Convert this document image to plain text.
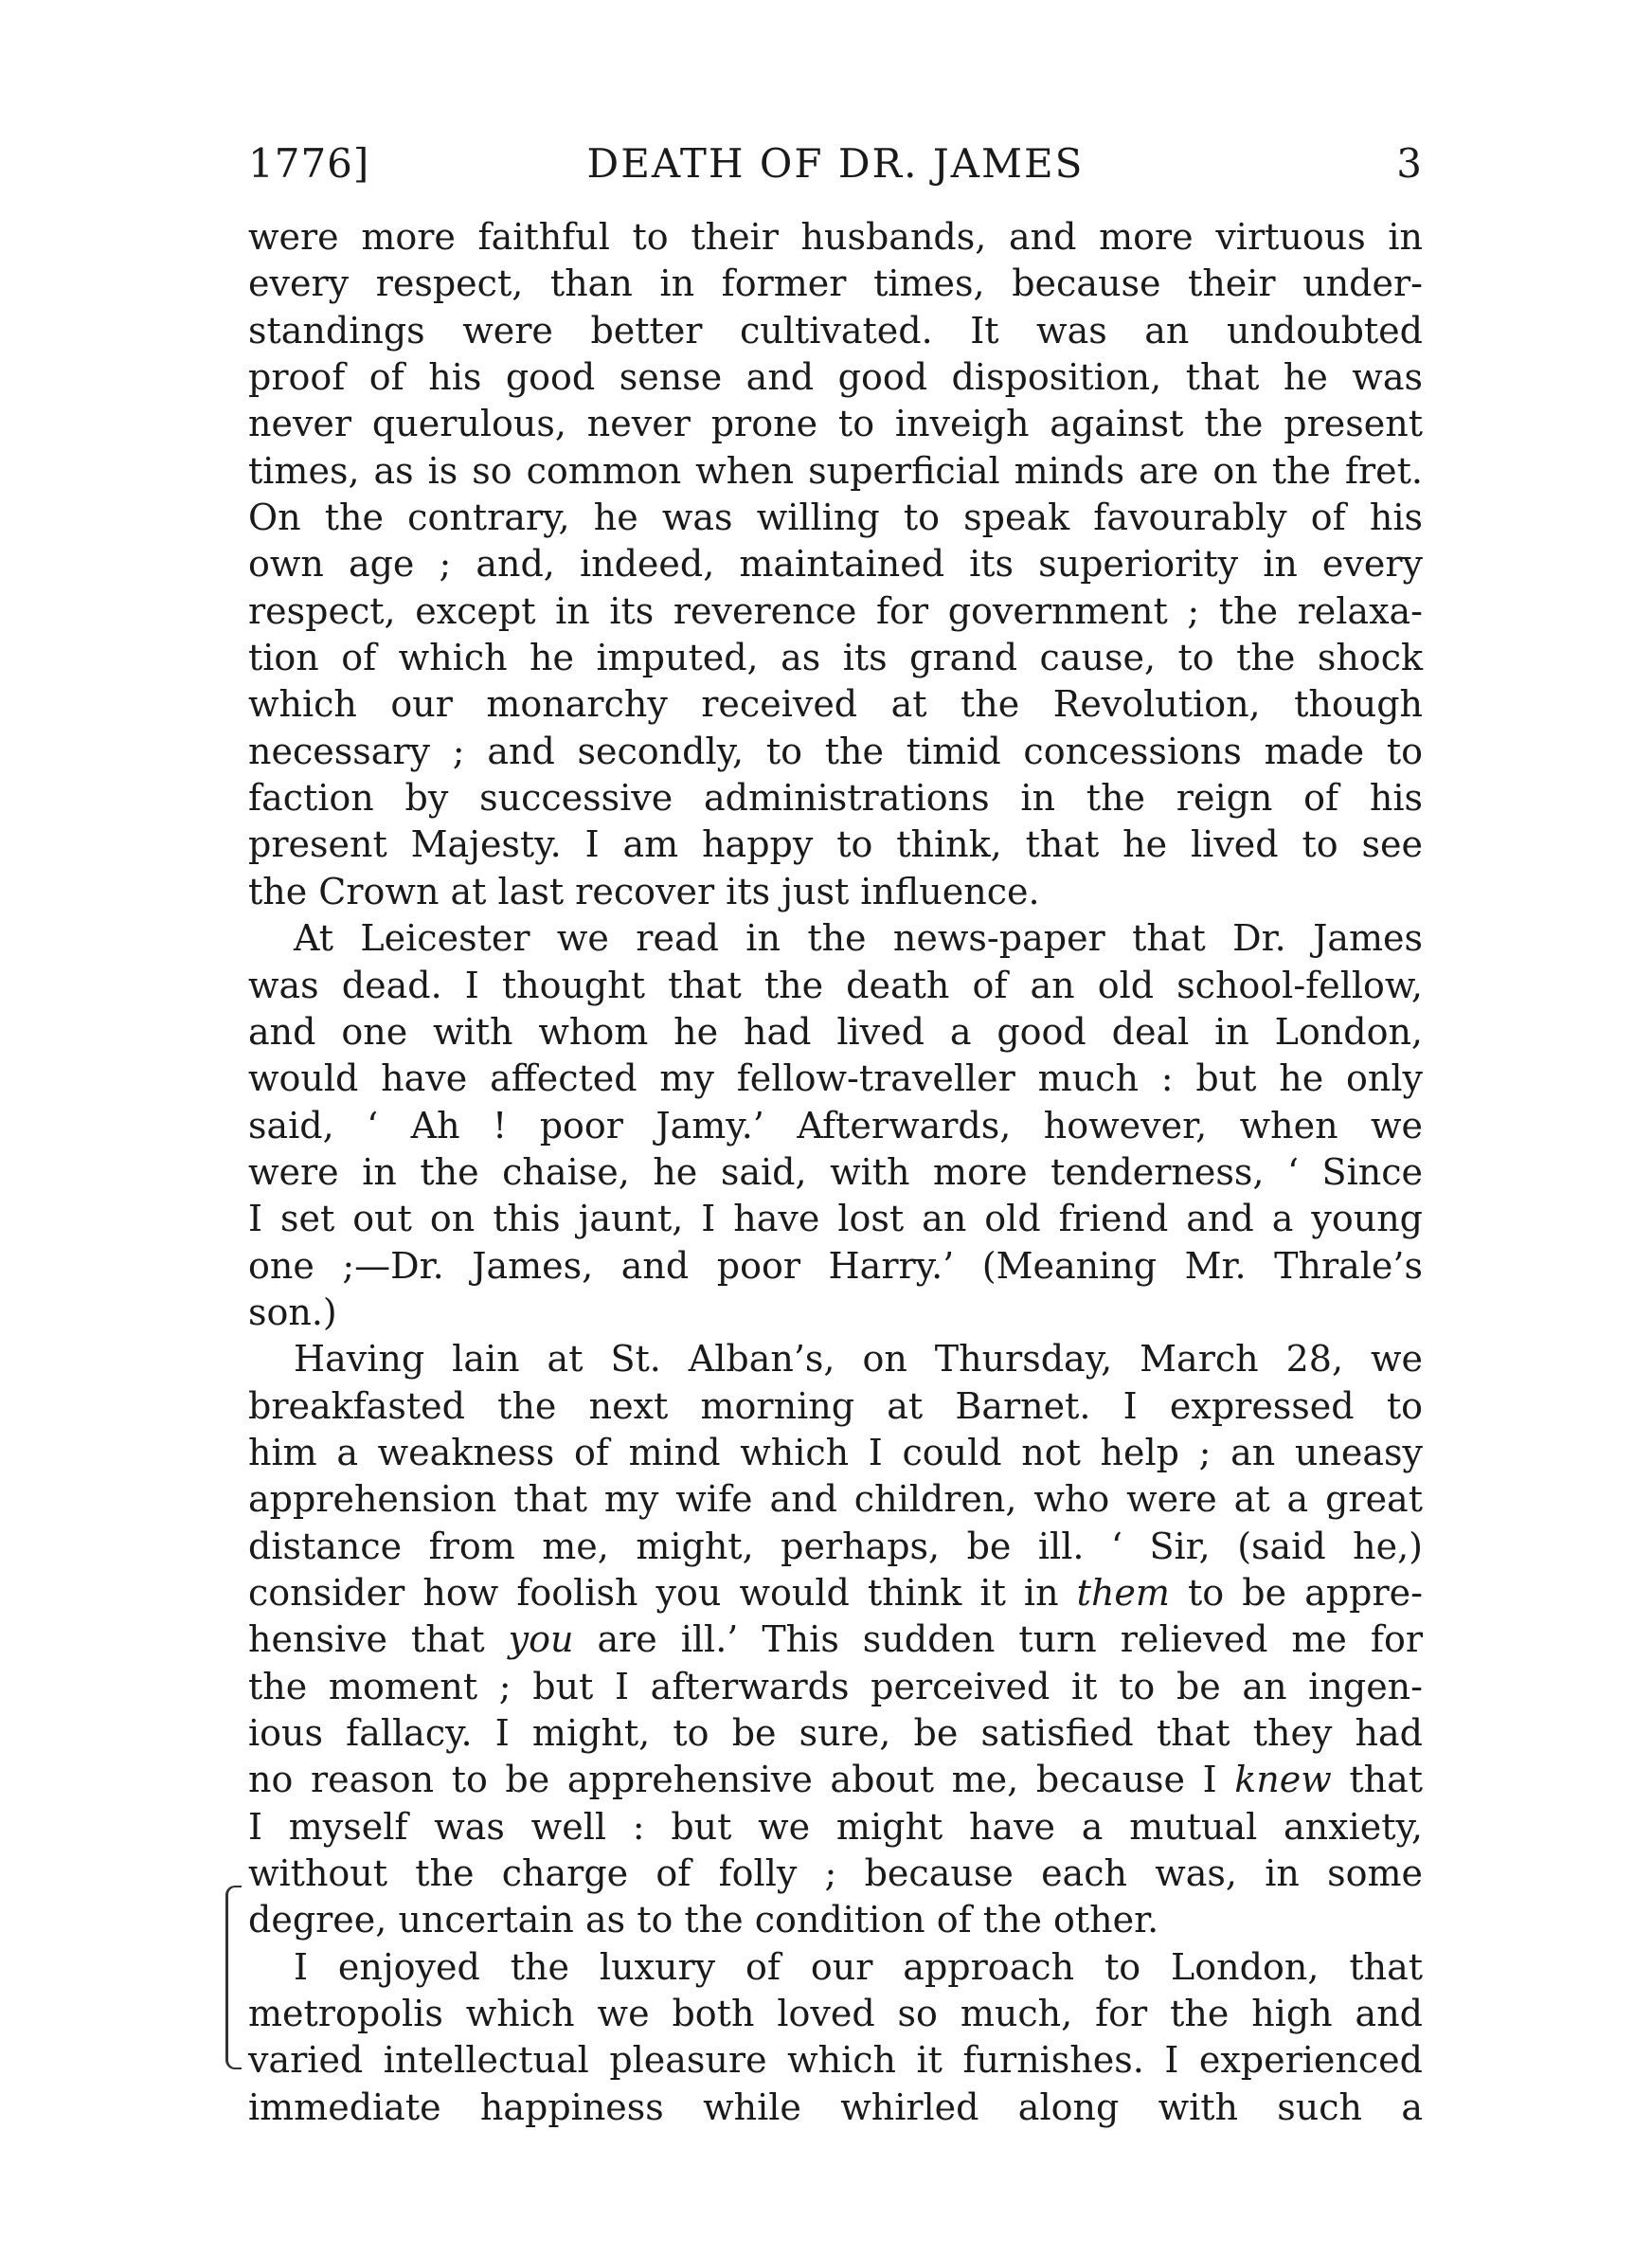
1776]	DEATH OF DR. JAMES	3
were more faithful to their husbands, and more virtuous in
every respect, than in former times, because their under-
standings were better cultivated. It was an undoubted
proof of his good sense and good disposition, that he was
never querulous, never prone to inveigh against the present
times, as is so common when superficial minds are on the fret.
On the contrary, he was willing to speak favourably of his
own age ; and, indeed, maintained its superiority in every
respect, except in its reverence for government ; the relaxa-
tion of which he imputed, as its grand cause, to the shock
which our monarchy received at the Revolution, though
necessary ; and secondly, to the timid concessions made to
faction by successive administrations in the reign of his
present Majesty. I am happy to think, that he lived to see
the Crown at last recover its just influence.
At Leicester we read in the news-paper that Dr. James
was dead. I thought that the death of an old school-fellow,
and one with whom he had lived a good deal in London,
would have affected my fellow-traveller much : but he only
said, ‘ Ah ! poor Jamy.’ Afterwards, however, when we
were in the chaise, he said, with more tenderness, ‘ Since
I set out on this jaunt, I have lost an old friend and a young
one ;—Dr. James, and poor Harry.’ (Meaning Mr. Thrale’s
son.)
Having lain at St. Alban’s, on Thursday, March 28, we
breakfasted the next morning at Barnet. I expressed to
him a weakness of mind which I could not help ; an uneasy
apprehension that my wife and children, who were at a great
distance from me, might, perhaps, be ill. ‘ Sir, (said he,)
consider how foolish you would think it in them to be appre-
hensive that you are ill.’ This sudden turn relieved me for
the moment ; but I afterwards perceived it to be an ingen-
ious fallacy. I might, to be sure, be satisfied that they had
no reason to be apprehensive about me, because I knew that
I myself was well : but we might have a mutual anxiety,
without the charge of folly ; because each was, in some
degree, uncertain as to the condition of the other.
I enjoyed the luxury of our approach to London, that
metropolis which we both loved so much, for the high and
varied intellectual pleasure which it furnishes. I experienced
immediate happiness while whirled along with such a
